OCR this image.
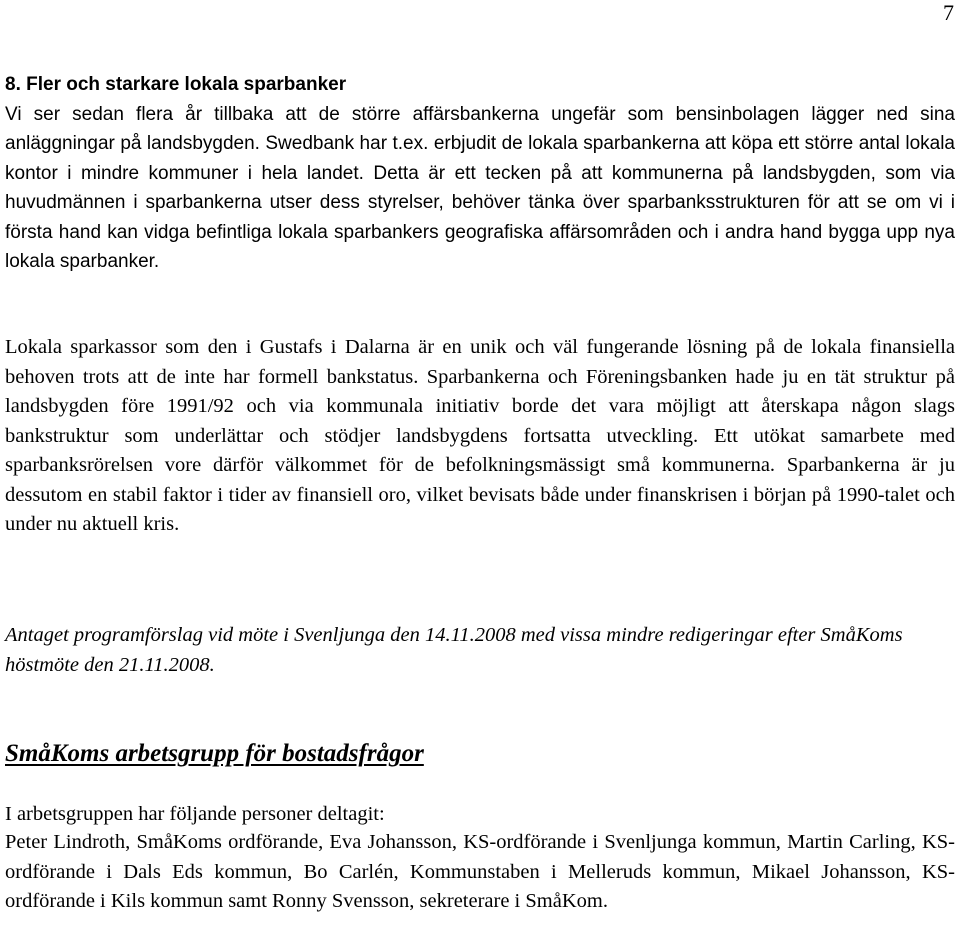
7
8. Fler och starkare lokala sparbanker

Vi ser sedan flera år tillbaka att de större affärsbankerna ungefär som bensinbolagen lägger ned sina anläggningar på landsbygden. Swedbank har t.ex. erbjudit de lokala sparbankerna att köpa ett större antal lokala kontor i mindre kommuner i hela landet. Detta är ett tecken på att kommunerna på landsbygden, som via huvudmännen i sparbankerna utser dess styrelser, behöver tänka över sparbanksstrukturen för att se om vi i första hand kan vidga befintliga lokala sparbankers geografiska affärsområden och i andra hand bygga upp nya lokala sparbanker.

Lokala sparkassor som den i Gustafs i Dalarna är en unik och väl fungerande lösning på de lokala finansiella behoven trots att de inte har formell bankstatus. Sparbankerna och Föreningsbanken hade ju en tät struktur på landsbygden före 1991/92 och via kommunala initiativ borde det vara möjligt att återskapa någon slags bankstruktur som underlättar och stödjer landsbygdens fortsatta utveckling. Ett utökat samarbete med sparbanksrörelsen vore därför välkommet för de befolkningsmässigt små kommunerna. Sparbankerna är ju dessutom en stabil faktor i tider av finansiell oro, vilket bevisats både under finanskrisen i början på 1990-talet och under nu aktuell kris.

Antaget programförslag vid möte i Svenljunga den 14.11.2008 med vissa mindre redigeringar efter SmåKoms höstmöte den 21.11.2008.

SmåKoms arbetsgrupp för bostadsfrågor

I arbetsgruppen har följande personer deltagit:

Peter Lindroth, SmåKoms ordförande, Eva Johansson, KS-ordförande i Svenljunga kommun, Martin Carling, KS-ordförande i Dals Eds kommun, Bo Carlén, Kommunstaben i Melleruds kommun, Mikael Johansson, KS-ordförande i Kils kommun samt Ronny Svensson, sekreterare i SmåKom.
